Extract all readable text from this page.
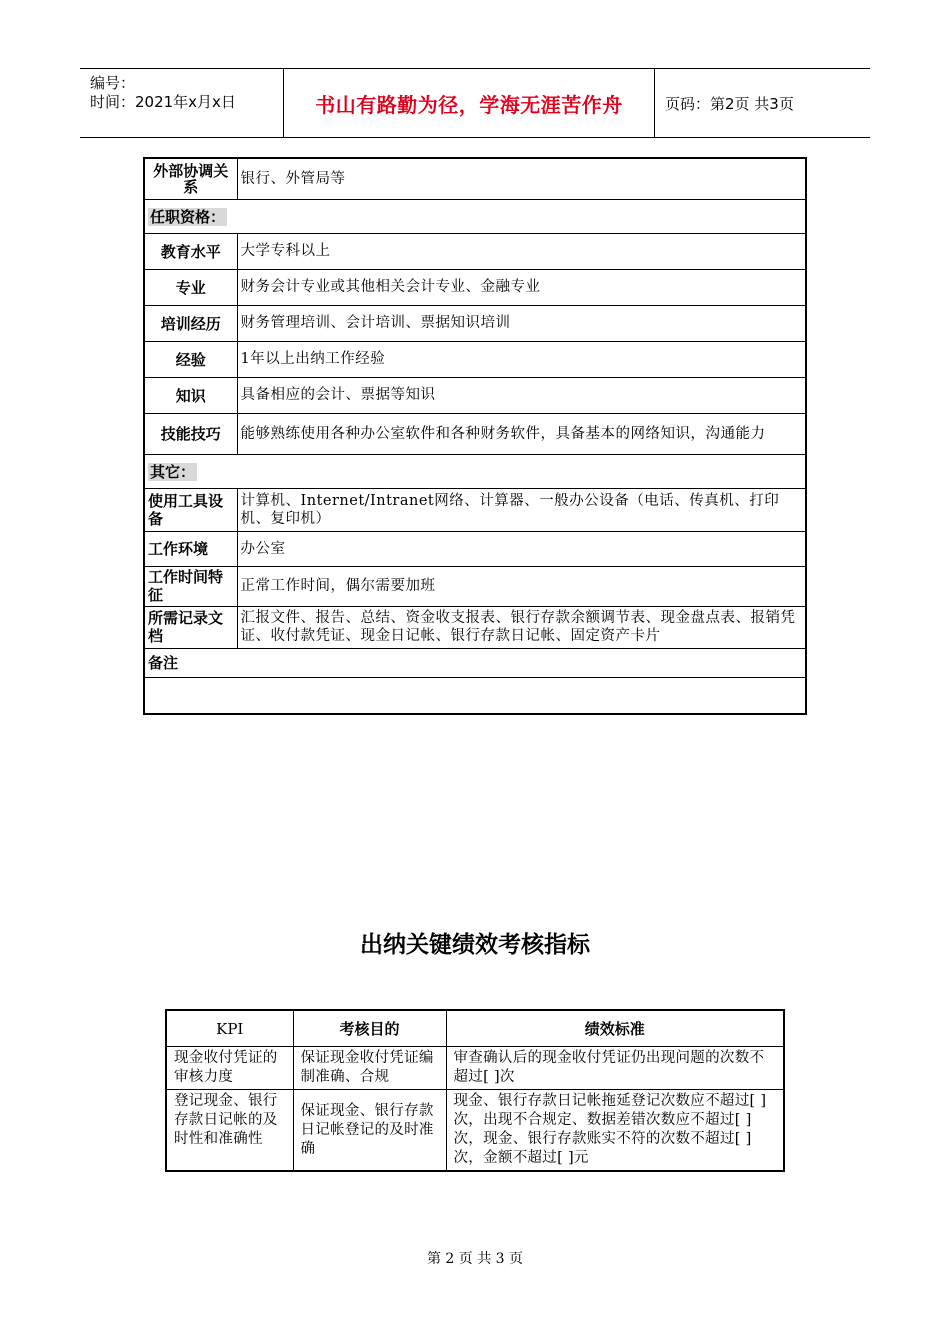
编号：
时间：2021年x月x日	书山有路勤为径，学海无涯苦作舟	页码：第2页 共3页
外部协调关系	银行、外管局等
任职资格：	
教育水平	大学专科以上
专业	财务会计专业或其他相关会计专业、金融专业
培训经历	财务管理培训、会计培训、票据知识培训
经验	1年以上出纳工作经验
知识	具备相应的会计、票据等知识
技能技巧	能够熟练使用各种办公室软件和各种财务软件，具备基本的网络知识，沟通能力
其它：	
使用工具设备	计算机、Internet/Intranet网络、计算器、一般办公设备（电话、传真机、打印机、复印机）
工作环境	办公室
工作时间特征	正常工作时间，偶尔需要加班
所需记录文档	汇报文件、报告、总结、资金收支报表、银行存款余额调节表、现金盘点表、报销凭证、收付款凭证、现金日记帐、银行存款日记帐、固定资产卡片
备注	

出纳关键绩效考核指标
KPI	考核目的	绩效标准
现金收付凭证的审核力度	保证现金收付凭证编制准确、合规	审查确认后的现金收付凭证仍出现问题的次数不超过[ ]次
登记现金、银行存款日记帐的及时性和准确性	保证现金、银行存款日记帐登记的及时准确	现金、银行存款日记帐拖延登记次数应不超过[ ]次，出现不合规定、数据差错次数应不超过[ ]次，现金、银行存款账实不符的次数不超过[ ]次，金额不超过[ ]元
第 2 页 共 3 页
